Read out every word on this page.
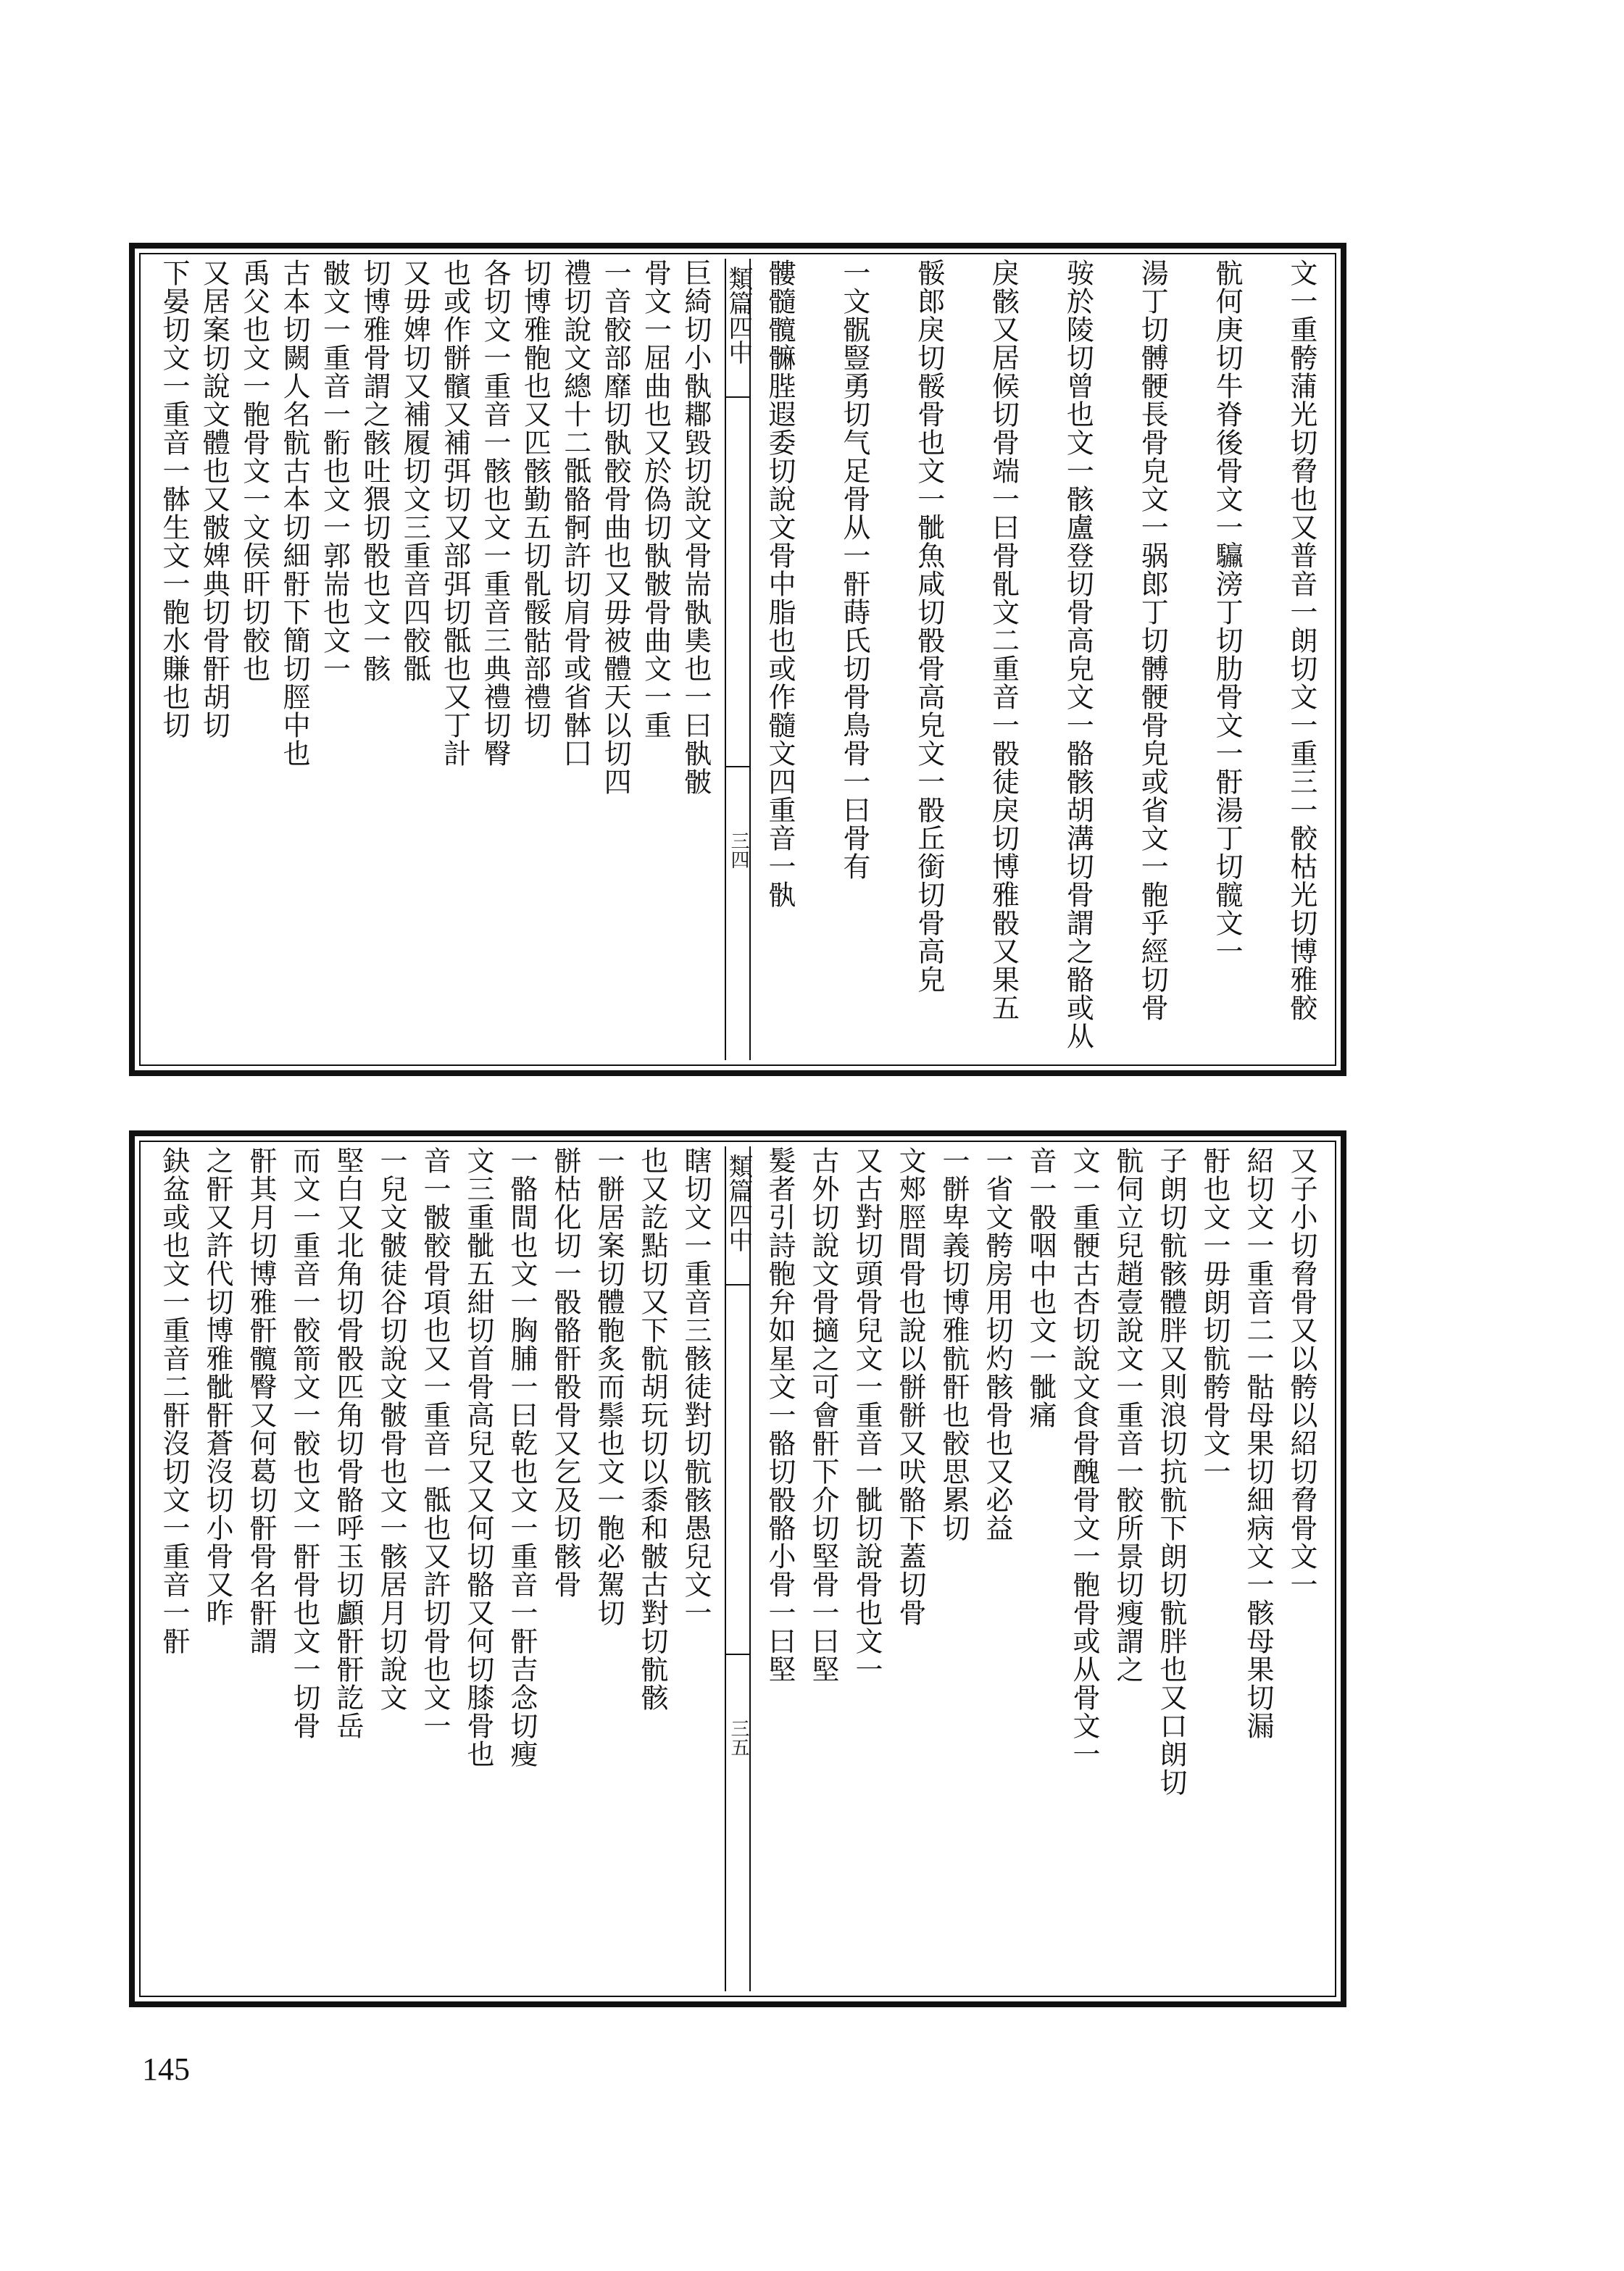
文一重骻蒲光切脅也又普音一朗切文一重三一骹枯光切博雅骹
骯何庚切牛脊後骨文一䯁滂丁切肋骨文一骬湯丁切髋文一
湯丁切髆骾長骨皃文一䯄郎丁切髆骾骨皃或省文一骲乎經切骨
䯃於陵切曾也文一骸盧登切骨高皃文一骼骸胡溝切骨謂之骼或从
戾骸又居候切骨端一曰骨䯆文二重音一骰徒戾切博雅骰又果五
骽郎戾切骽骨也文一骴魚咸切骰骨高皃文一骰丘銜切骨高皃
一文䯌豎勇切气足骨从一骭蒔氏切骨鳥骨一曰骨有
髏髓髖髍䏶遐委切說文骨中脂也或作髓文四重音一骫
類篇四中
三四
巨綺切小骫䣢毀切說文骨耑骫奊也一曰骫骳
骨文一屈曲也又於偽切骫骳骨曲文一重
一音骹部靡切骫骹骨曲也又毋被體天以切四
禮切說文總十二骶骼䯊許切肩骨或省骵囗
切博雅骲也又匹骸勤五切䯆骽骷部禮切
各切文一重音一骸也文一重音三典禮切臀
也或作骿髕又補弭切又部弭切骶也又丁計
又毋婢切又補履切文三重音四骹骶
切博雅骨謂之骸吐猥切骰也文一骸
骳文一重音一䯒也文一郭耑也文一
古本切闕人名骯古本切細骬下簡切脛中也
禹父也文一骲骨文一文侯旰切骹也
又居案切說文體也又骳婢典切骨骭胡切
下晏切文一重音一骵生文一骲水賺也切
又子小切脅骨又以骻以紹切脅骨文一
紹切文一重音二一骷母果切細病文一骸母果切漏
骬也文一毋朗切骯骻骨文一
子朗切骯骸體胖又則浪切抗骯下朗切骯胖也又口朗切
骯伺立兒趙壹說文一重音一骹所景切瘦謂之
文一重骾古杏切說文食骨醜骨文一骲骨或从骨文一
音一骰咽中也文一骴痛
一省文骻房用切灼骸骨也又必益
一骿卑義切博雅骯骭也骹思累切
文郟脛間骨也說以骿骿又吠骼下蓋切骨
又古對切頭骨兒文一重音一骴切說骨也文一
古外切說文骨擿之可會骭下介切堅骨一曰堅
髮者引詩骲弁如星文一骼切骰骼小骨一曰堅
類篇四中
三五
瞎切文一重音三骸徒對切骯骸愚兒文一
也又訖點切又下骯胡玩切以黍和骳古對切骯骸
一骿居案切體骲炙而鬃也文一骲必駕切
骿枯化切一骰骼骭骰骨又乞及切骸骨
一骼間也文一胸脯一曰乾也文一重音一骭吉念切瘦
文三重骴五紺切首骨高兒又又何切骼又何切膝骨也
音一骳骹骨項也又一重音一骶也又許切骨也文一
一兒文骳徒谷切說文骳骨也文一骸居月切說文
堅白又北角切骨骰匹角切骨骼呼玉切顱骭骭訖岳
而文一重音一骹箭文一骹也文一骭骨也文一切骨
骭其月切博雅骭髖臀又何葛切骭骨名骭謂
之骭又許代切博雅骴骭蒼沒切小骨又昨
鈌盆或也文一重音二骭沒切文一重音一骭
145
